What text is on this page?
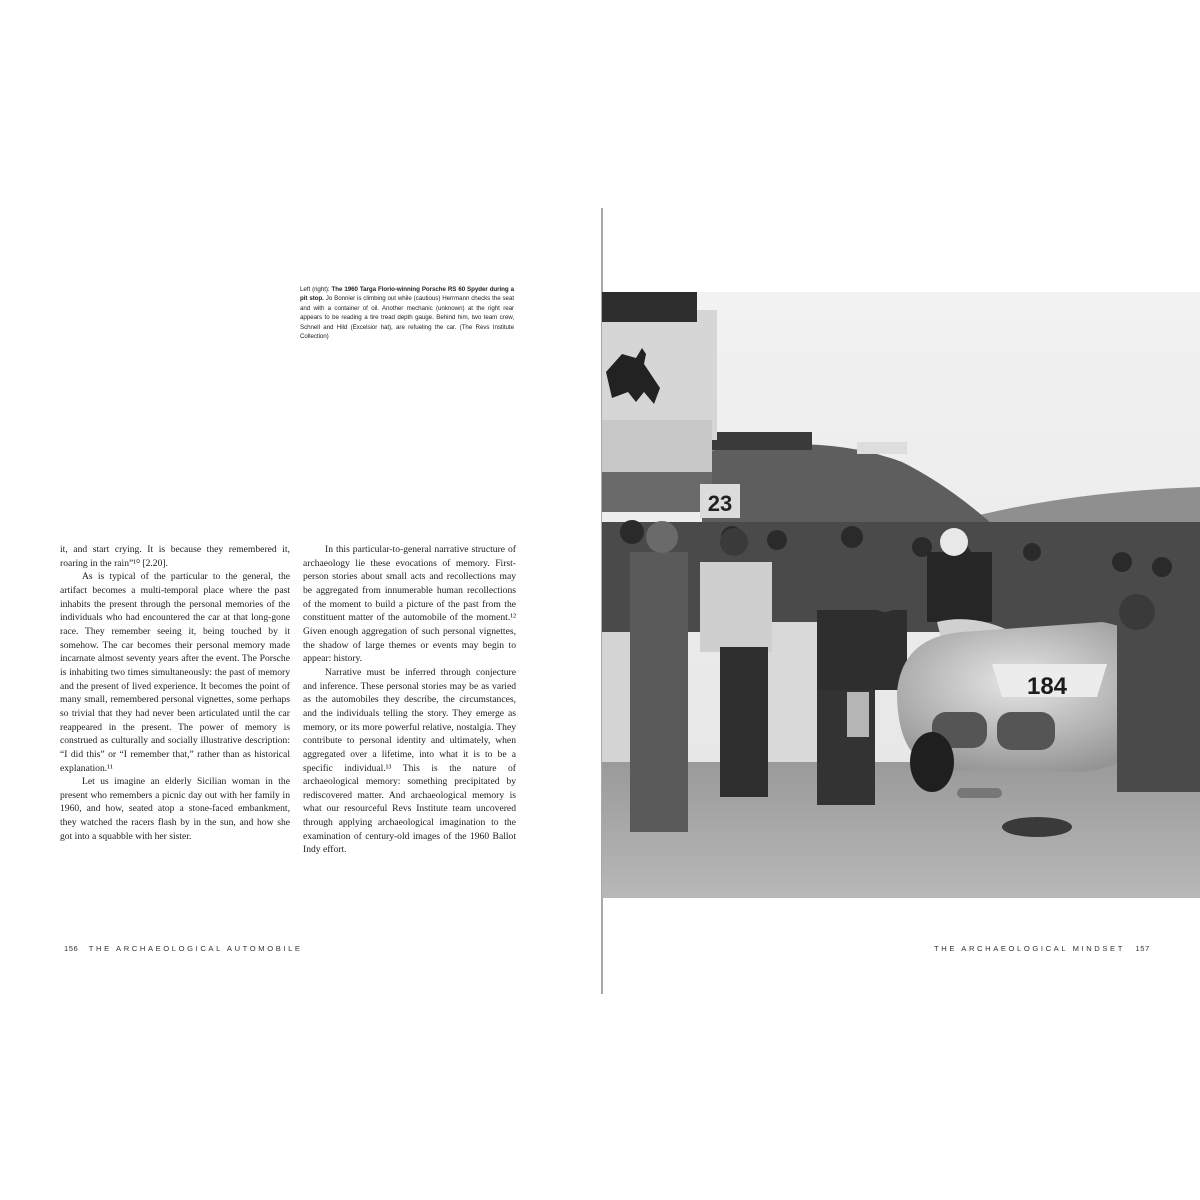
Left (right): The 1960 Targa Florio-winning Porsche RS 60 Spyder during a pit stop. Jo Bonnier is climbing out while (cautious) Herrmann checks the seat and with a container of oil. Another mechanic (unknown) at the right rear appears to be reading a tire tread depth gauge. Behind him, two team crew, Schnell and Hild (Excelsior hat), are refueling the car. (The Revs Institute Collection)

it, and start crying. It is because they remembered it, roaring in the rain”¹⁰ [2.20].

As is typical of the particular to the general, the artifact becomes a multi-temporal place where the past inhabits the present through the personal memories of the individuals who had encountered the car at that long-gone race. They remember seeing it, being touched by it somehow. The car becomes their personal memory made incarnate almost seventy years after the event. The Porsche is inhabiting two times simultaneously: the past of memory and the present of lived experience. It becomes the point of many small, remembered personal vignettes, some perhaps so trivial that they had never been articulated until the car reappeared in the present. The power of memory is construed as culturally and socially illustrative description: “I did this” or “I remember that,” rather than as historical explanation.¹¹

Let us imagine an elderly Sicilian woman in the present who remembers a picnic day out with her family in 1960, and how, seated atop a stone-faced embankment, they watched the racers flash by in the sun, and how she got into a squabble with her sister.

In this particular-to-general narrative structure of archaeology lie these evocations of memory. First-person stories about small acts and recollections may be aggregated from innumerable human recollections of the moment to build a picture of the past from the constituent matter of the automobile of the moment.¹² Given enough aggregation of such personal vignettes, the shadow of large themes or events may begin to appear: history.

Narrative must be inferred through conjecture and inference. These personal stories may be as varied as the automobiles they describe, the circumstances, and the individuals telling the story. They emerge as memory, or its more powerful relative, nostalgia. They contribute to personal identity and ultimately, when aggregated over a lifetime, into what it is to be a specific individual.¹³ This is the nature of archaeological memory: something precipitated by rediscovered matter. And archaeological memory is what our resourceful Revs Institute team uncovered through applying archaeological imagination to the examination of century-old images of the 1960 Ballot Indy effort.

156 THE ARCHAEOLOGICAL AUTOMOBILE
23
184
THE ARCHAEOLOGICAL MINDSET 157
